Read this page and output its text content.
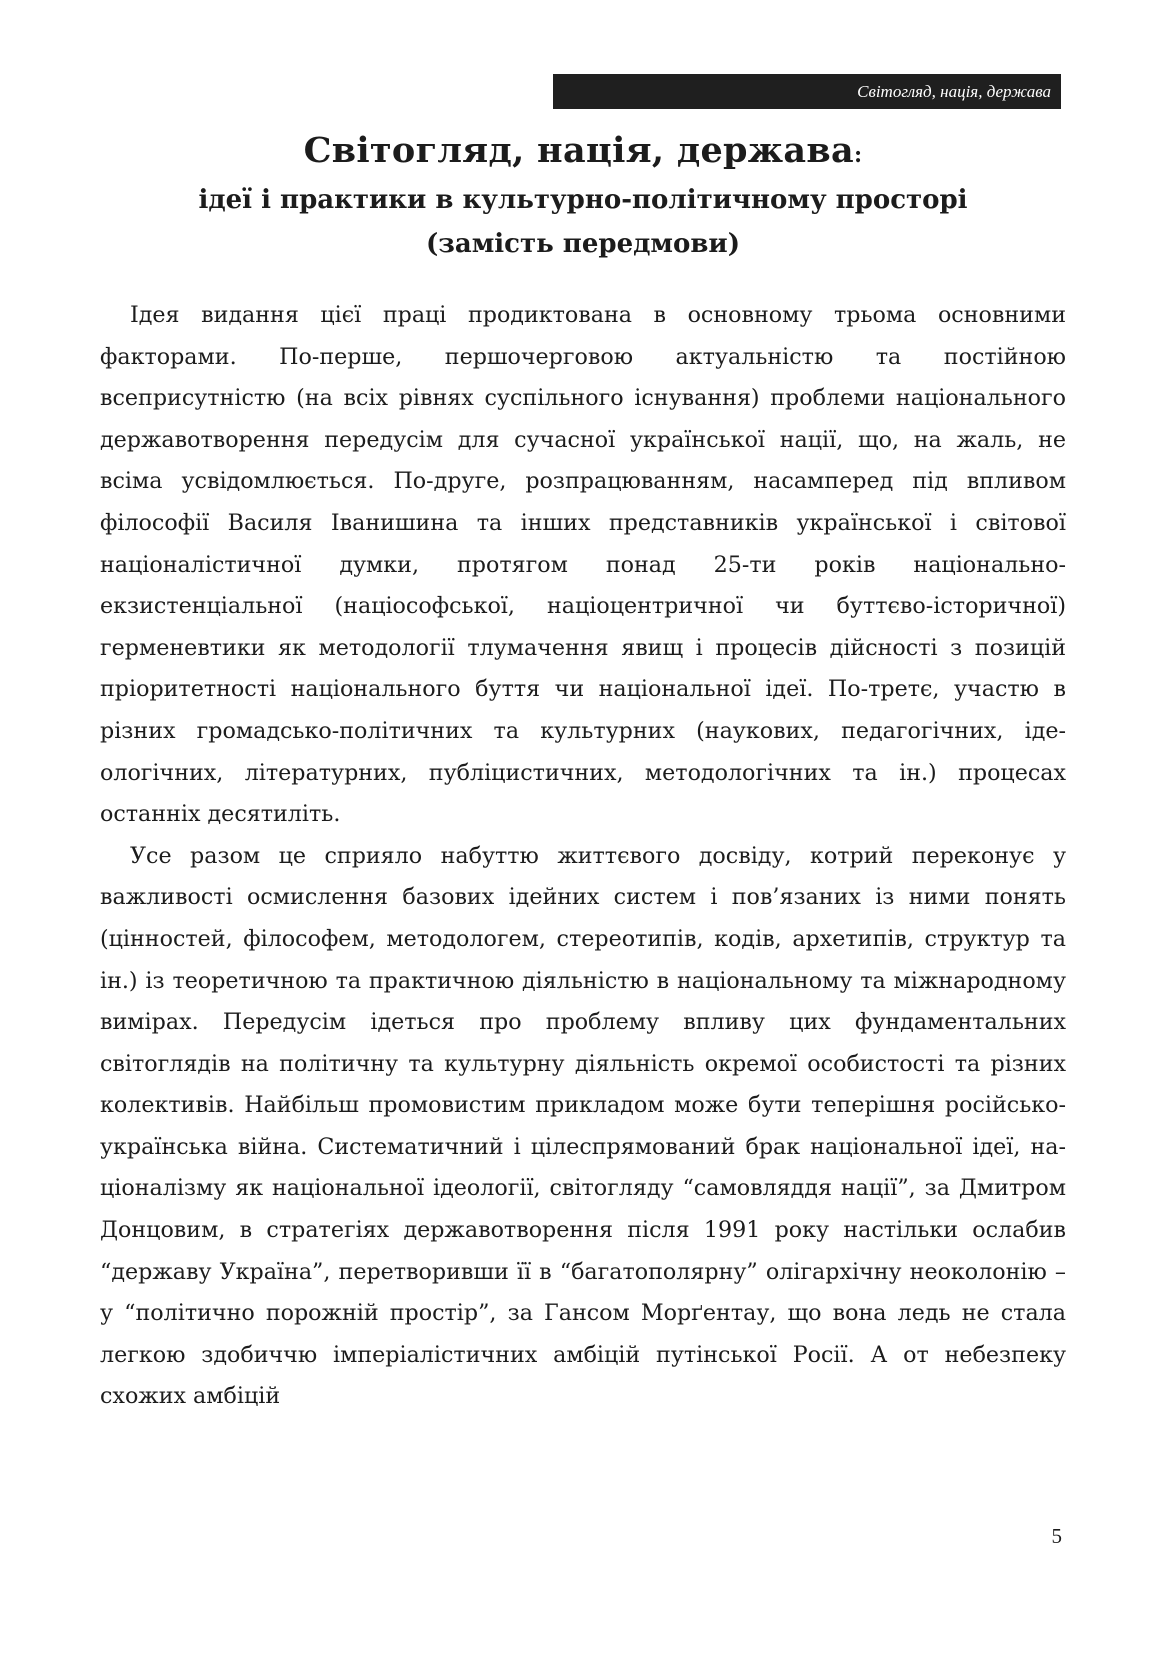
Світогляд, нація, держава
Світогляд, нація, держава:
ідеї і практики в культурно-політичному просторі
(замість передмови)

Ідея видання цієї праці продиктована в основному трьома основними факторами. По-перше, першочерговою актуальністю та постійною всеприсутністю (на всіх рівнях суспільного існування) проблеми національного державотворення передусім для сучасної української нації, що, на жаль, не всіма усвідомлюється. По-друге, розпрацюванням, насамперед під впливом філософії Василя Іванишина та інших представників української і світової націоналістичної думки, протягом понад 25-ти років національно-екзистенціальної (націософської, націоцентричної чи буттєво-історичної) герменевтики як методології тлумачення явищ і процесів дійсності з позицій пріоритетності національного буття чи національної ідеї. По-третє, участю в різних громадсько-політичних та культурних (наукових, педагогічних, ідеологічних, літературних, публіцистичних, методологічних та ін.) процесах останніх десятиліть.

Усе разом це сприяло набуттю життєвого досвіду, котрий переконує у важливості осмислення базових ідейних систем і пов’язаних із ними понять (цінностей, філософем, методологем, стереотипів, кодів, архетипів, структур та ін.) із теоретичною та практичною діяльністю в національному та міжнародному вимірах. Передусім ідеться про проблему впливу цих фундаментальних світоглядів на політичну та культурну діяльність окремої особистості та різних колективів. Найбільш промовистим прикладом може бути теперішня російсько-українська війна. Систематичний і цілеспрямований брак національної ідеї, націоналізму як національної ідеології, світогляду “самовляддя нації”, за Дмитром Донцовим, в стратегіях державотворення після 1991 року настільки ослабив “державу Україна”, перетворивши її в “багатополярну” олігархічну неоколонію – у “політично порожній простір”, за Гансом Морґентау, що вона ледь не стала легкою здобиччю імперіалістичних амбіцій путінської Росії. А от небезпеку схожих амбіцій

5
